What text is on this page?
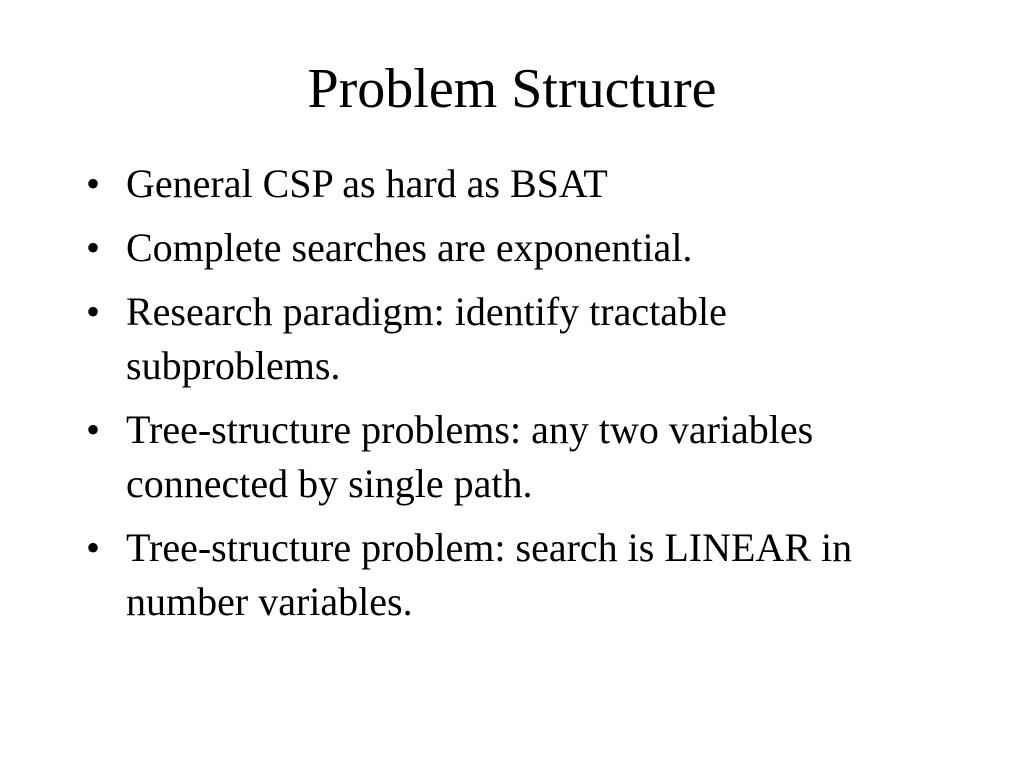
Problem Structure
• General CSP as hard as BSAT
• Complete searches are exponential.
• Research paradigm: identify tractable subproblems.
• Tree-structure problems: any two variables connected by single path.
• Tree-structure problem: search is LINEAR in number variables.
